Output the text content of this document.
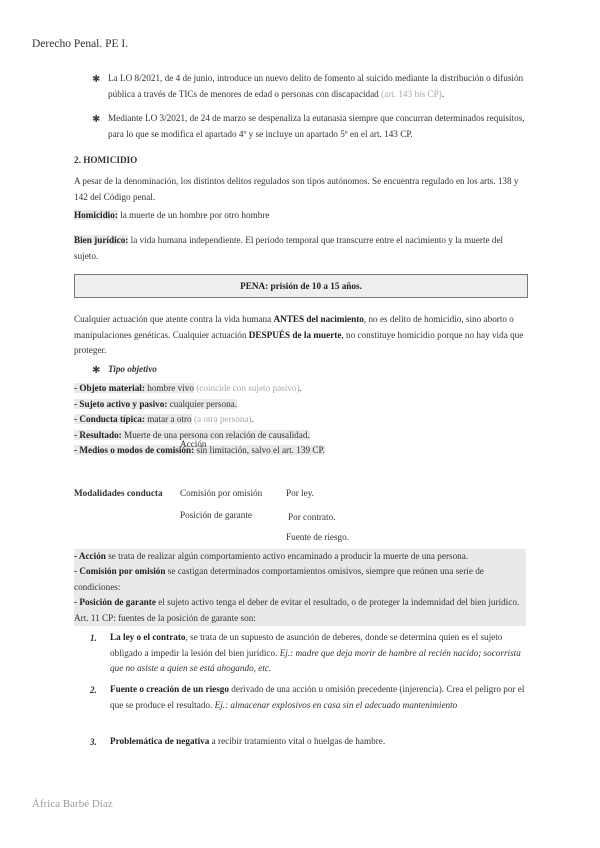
Derecho Penal. PE I.
✱ La LO 8/2021, de 4 de junio, introduce un nuevo delito de fomento al suicido mediante la distribución o difusión pública a través de TICs de menores de edad o personas con discapacidad (art. 143 bis CP).
✱ Mediante LO 3/2021, de 24 de marzo se despenaliza la eutanasia siempre que concurran determinados requisitos, para lo que se modifica el apartado 4º y se incluye un apartado 5º en el art. 143 CP.
2. HOMICIDIO
A pesar de la denominación, los distintos delitos regulados son tipos autónomos. Se encuentra regulado en los arts. 138 y 142 del Código penal.
Homicidio: la muerte de un hombre por otro hombre
Bien jurídico: la vida humana independiente. El período temporal que transcurre entre el nacimiento y la muerte del sujeto.
PENA: prisión de 10 a 15 años.
Cualquier actuación que atente contra la vida humana ANTES del nacimiento, no es delito de homicidio, sino aborto o manipulaciones genéticas. Cualquier actuación DESPUÉS de la muerte, no constituye homicidio porque no hay vida que proteger.
✱ Tipo objetivo
- Objeto material: hombre vivo (coincide con sujeto pasivo).
- Sujeto activo y pasivo: cualquier persona.
- Conducta típica: matar a otro (a otra persona).
- Resultado: Muerte de una persona con relación de causalidad.
- Medios o modos de comisión: sin limitación, salvo el art. 139 CP.
Acción
Modalidades conducta Comisión por omisión	Por ley.
Posición de garante	Por contrato.
Fuente de riesgo.
- Acción se trata de realizar algún comportamiento activo encaminado a producir la muerte de una persona.
- Comisión por omisión se castigan determinados comportamientos omisivos, siempre que reúnen una serie de condiciones:
- Posición de garante el sujeto activo tenga el deber de evitar el resultado, o de proteger la indemnidad del bien jurídico. Art. 11 CP: fuentes de la posición de garante son:
1. La ley o el contrato, se trata de un supuesto de asunción de deberes, donde se determina quien es el sujeto obligado a impedir la lesión del bien jurídico. Ej.: madre que deja morir de hambre al recién nacido; socorrista que no asiste a quien se está ahogando, etc.
2. Fuente o creación de un riesgo derivado de una acción u omisión precedente (injerencia). Crea el peligro por el que se produce el resultado. Ej.: almacenar explosivos en casa sin el adecuado mantenimiento
3. Problemática de negativa a recibir tratamiento vital o huelgas de hambre.
África Barbé Díaz
